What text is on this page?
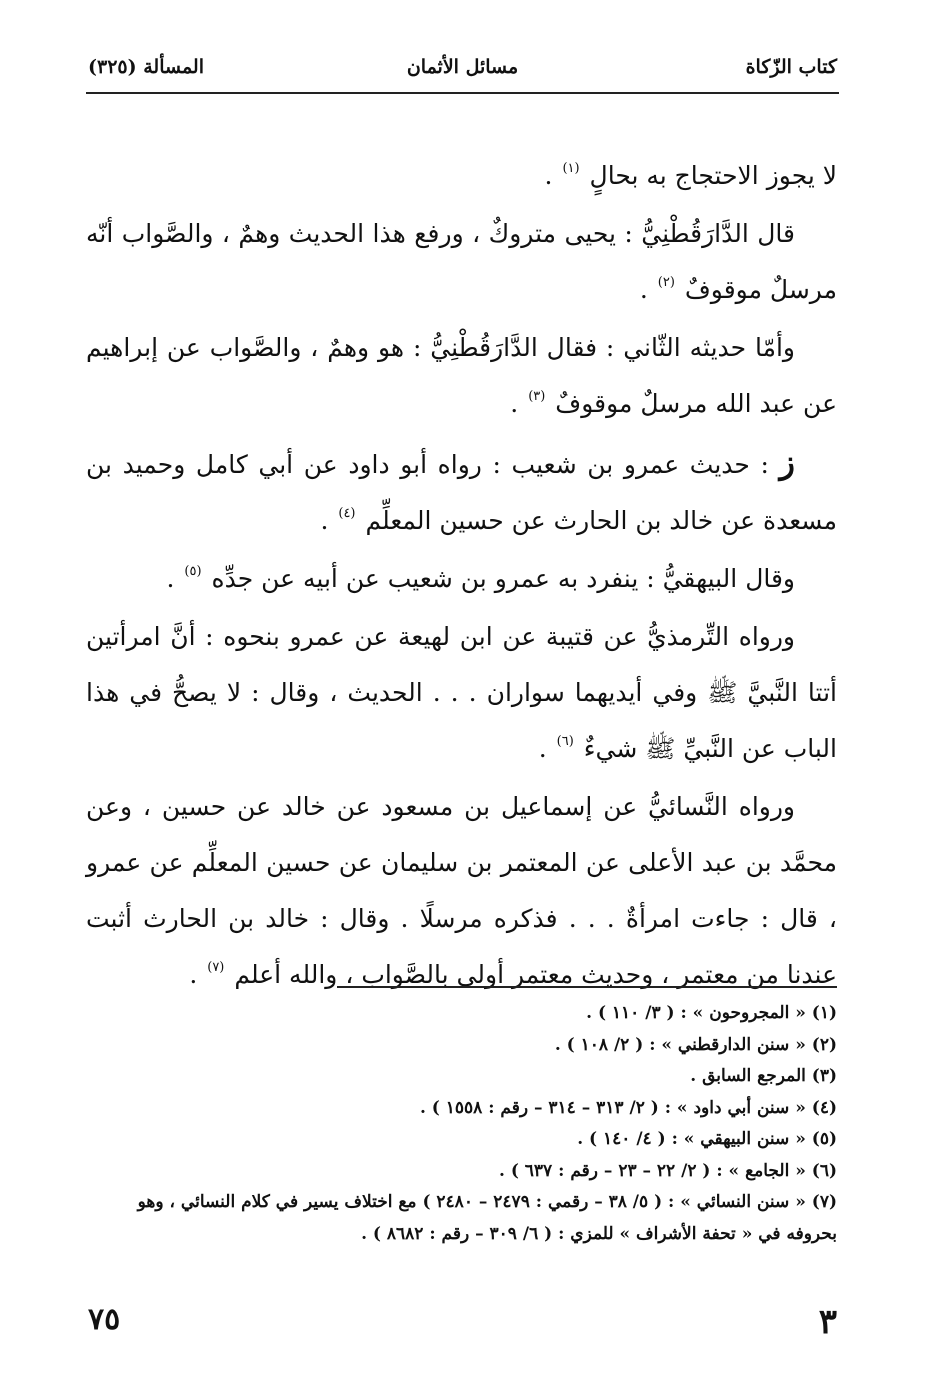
كتاب الزّكاة
مسائل الأثمان
المسألة (٣٢٥)

لا يجوز الاحتجاج به بحالٍ $^{(١)}$ .

قال الدَّارَقُطْنِيُّ : يحيى متروكٌ ، ورفع هذا الحديث وهمٌ ، والصَّواب أنّه مرسلٌ موقوفٌ $^{(٢)}$ .

وأمّا حديثه الثّاني : فقال الدَّارَقُطْنِيُّ : هو وهمٌ ، والصَّواب عن إبراهيم عن عبد الله مرسلٌ موقوفٌ $^{(٣)}$ .

ز : حديث عمرو بن شعيب : رواه أبو داود عن أبي كامل وحميد بن مسعدة عن خالد بن الحارث عن حسين المعلِّم $^{(٤)}$ .

وقال البيهقيُّ : ينفرد به عمرو بن شعيب عن أبيه عن جدِّه $^{(٥)}$ .

ورواه التِّرمذيُّ عن قتيبة عن ابن لهيعة عن عمرو بنحوه : أنَّ امرأتين أتتا النَّبيَّ ﷺ وفي أيديهما سواران . . . الحديث ، وقال : لا يصحُّ في هذا الباب عن النَّبيِّ ﷺ شيءٌ $^{(٦)}$ .

ورواه النَّسائيُّ عن إسماعيل بن مسعود عن خالد عن حسين ، وعن محمَّد بن عبد الأعلى عن المعتمر بن سليمان عن حسين المعلِّم عن عمرو ، قال : جاءت امرأةٌ . . . فذكره مرسلًا . وقال : خالد بن الحارث أثبت عندنا من معتمر ، وحديث معتمر أولى بالصَّواب ، والله أعلم $^{(٧)}$ .

(١) « المجروحون » : ( ٣/ ١١٠ ) .

(٢) « سنن الدارقطني » : ( ٢/ ١٠٨ ) .

(٣) المرجع السابق .

(٤) « سنن أبي داود » : ( ٢/ ٣١٣ – ٣١٤ – رقم : ١٥٥٨ ) .

(٥) « سنن البيهقي » : ( ٤/ ١٤٠ ) .

(٦) « الجامع » : ( ٢/ ٢٢ – ٢٣ – رقم : ٦٣٧ ) .

(٧) « سنن النسائي » : ( ٥/ ٣٨ – رقمي : ٢٤٧٩ – ٢٤٨٠ ) مع اختلاف يسير في كلام النسائي ، وهو بحروفه في « تحفة الأشراف » للمزي : ( ٦/ ٣٠٩ – رقم : ٨٦٨٢ ) .

٣
٧٥
